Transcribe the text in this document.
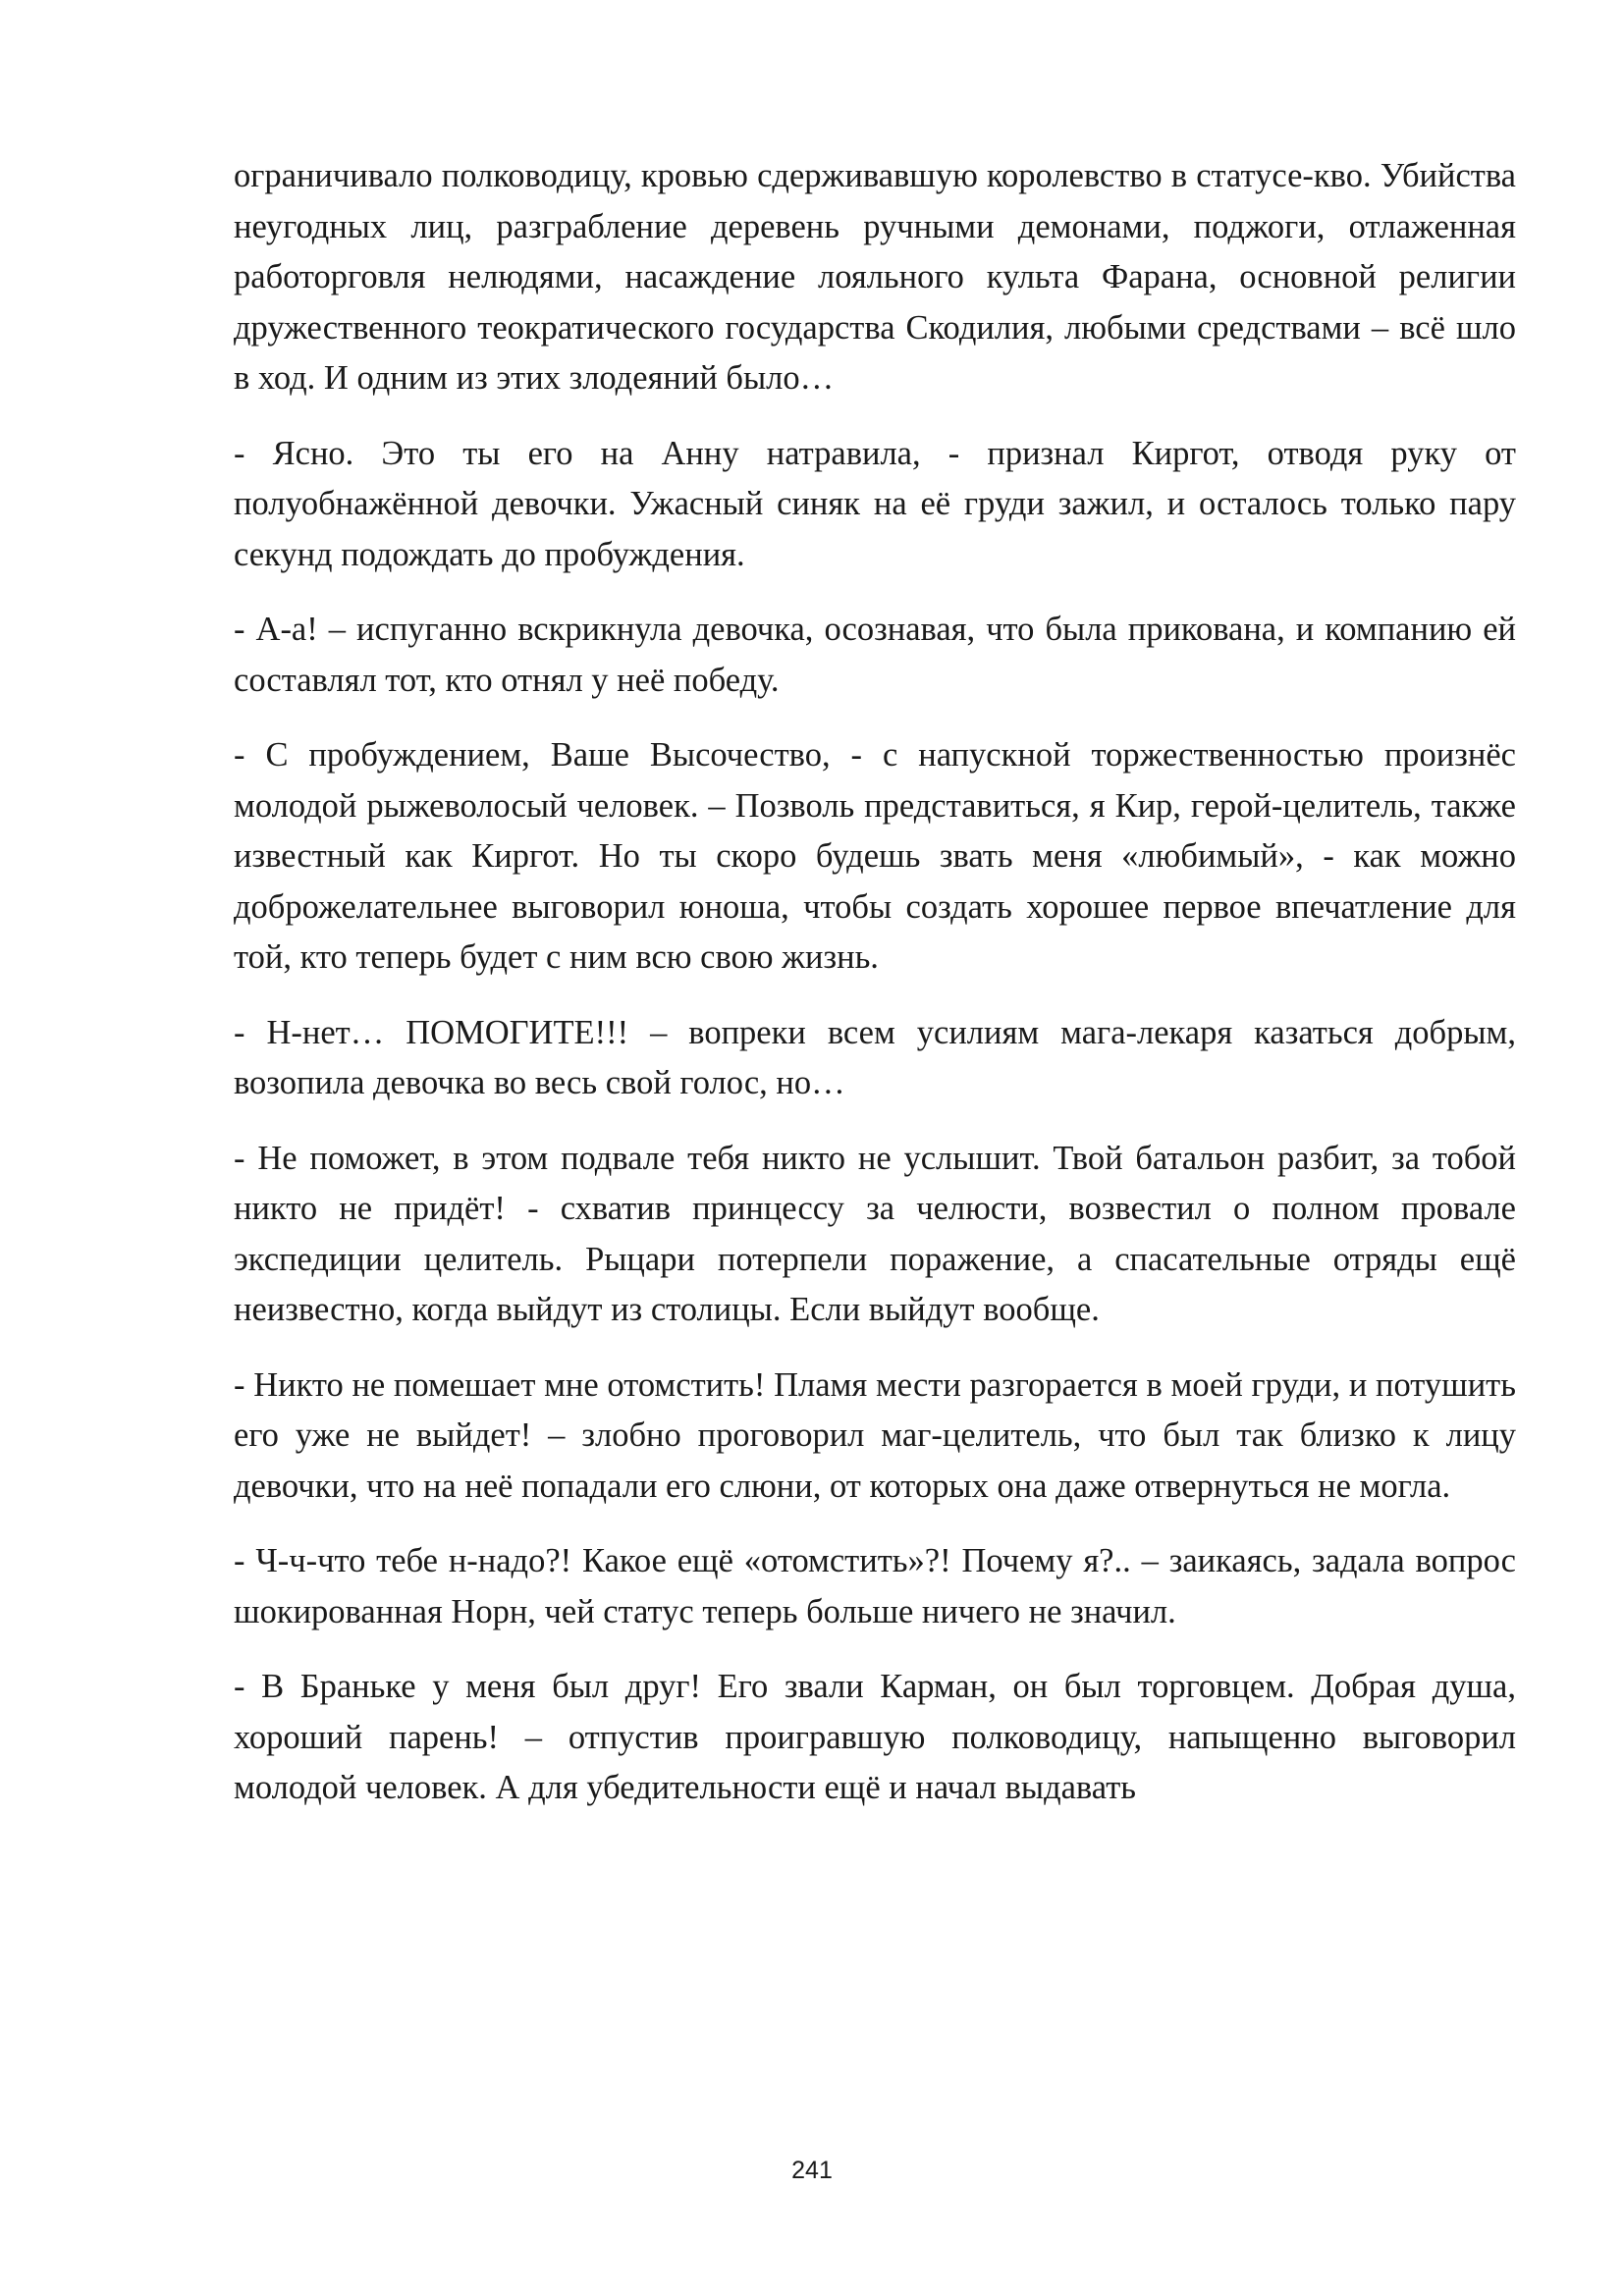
ограничивало полководицу, кровью сдерживавшую королевство в статусе-кво. Убийства неугодных лиц, разграбление деревень ручными демонами, поджоги, отлаженная работорговля нелюдями, насаждение лояльного культа Фарана, основной религии дружественного теократического государства Скодилия, любыми средствами – всё шло в ход. И одним из этих злодеяний было…

- Ясно. Это ты его на Анну натравила, - признал Киргот, отводя руку от полуобнажённой девочки. Ужасный синяк на её груди зажил, и осталось только пару секунд подождать до пробуждения.

- А-а! – испуганно вскрикнула девочка, осознавая, что была прикована, и компанию ей составлял тот, кто отнял у неё победу.

- С пробуждением, Ваше Высочество, - с напускной торжественностью произнёс молодой рыжеволосый человек. – Позволь представиться, я Кир, герой-целитель, также известный как Киргот. Но ты скоро будешь звать меня «любимый», - как можно доброжелательнее выговорил юноша, чтобы создать хорошее первое впечатление для той, кто теперь будет с ним всю свою жизнь.

- Н-нет… ПОМОГИТЕ!!! – вопреки всем усилиям мага-лекаря казаться добрым, возопила девочка во весь свой голос, но…

- Не поможет, в этом подвале тебя никто не услышит. Твой батальон разбит, за тобой никто не придёт! - схватив принцессу за челюсти, возвестил о полном провале экспедиции целитель. Рыцари потерпели поражение, а спасательные отряды ещё неизвестно, когда выйдут из столицы. Если выйдут вообще.

- Никто не помешает мне отомстить! Пламя мести разгорается в моей груди, и потушить его уже не выйдет! – злобно проговорил маг-целитель, что был так близко к лицу девочки, что на неё попадали его слюни, от которых она даже отвернуться не могла.

- Ч-ч-что тебе н-надо?! Какое ещё «отомстить»?! Почему я?.. – заикаясь, задала вопрос шокированная Норн, чей статус теперь больше ничего не значил.

- В Браньке у меня был друг! Его звали Карман, он был торговцем. Добрая душа, хороший парень! – отпустив проигравшую полководицу, напыщенно выговорил молодой человек. А для убедительности ещё и начал выдавать

241
